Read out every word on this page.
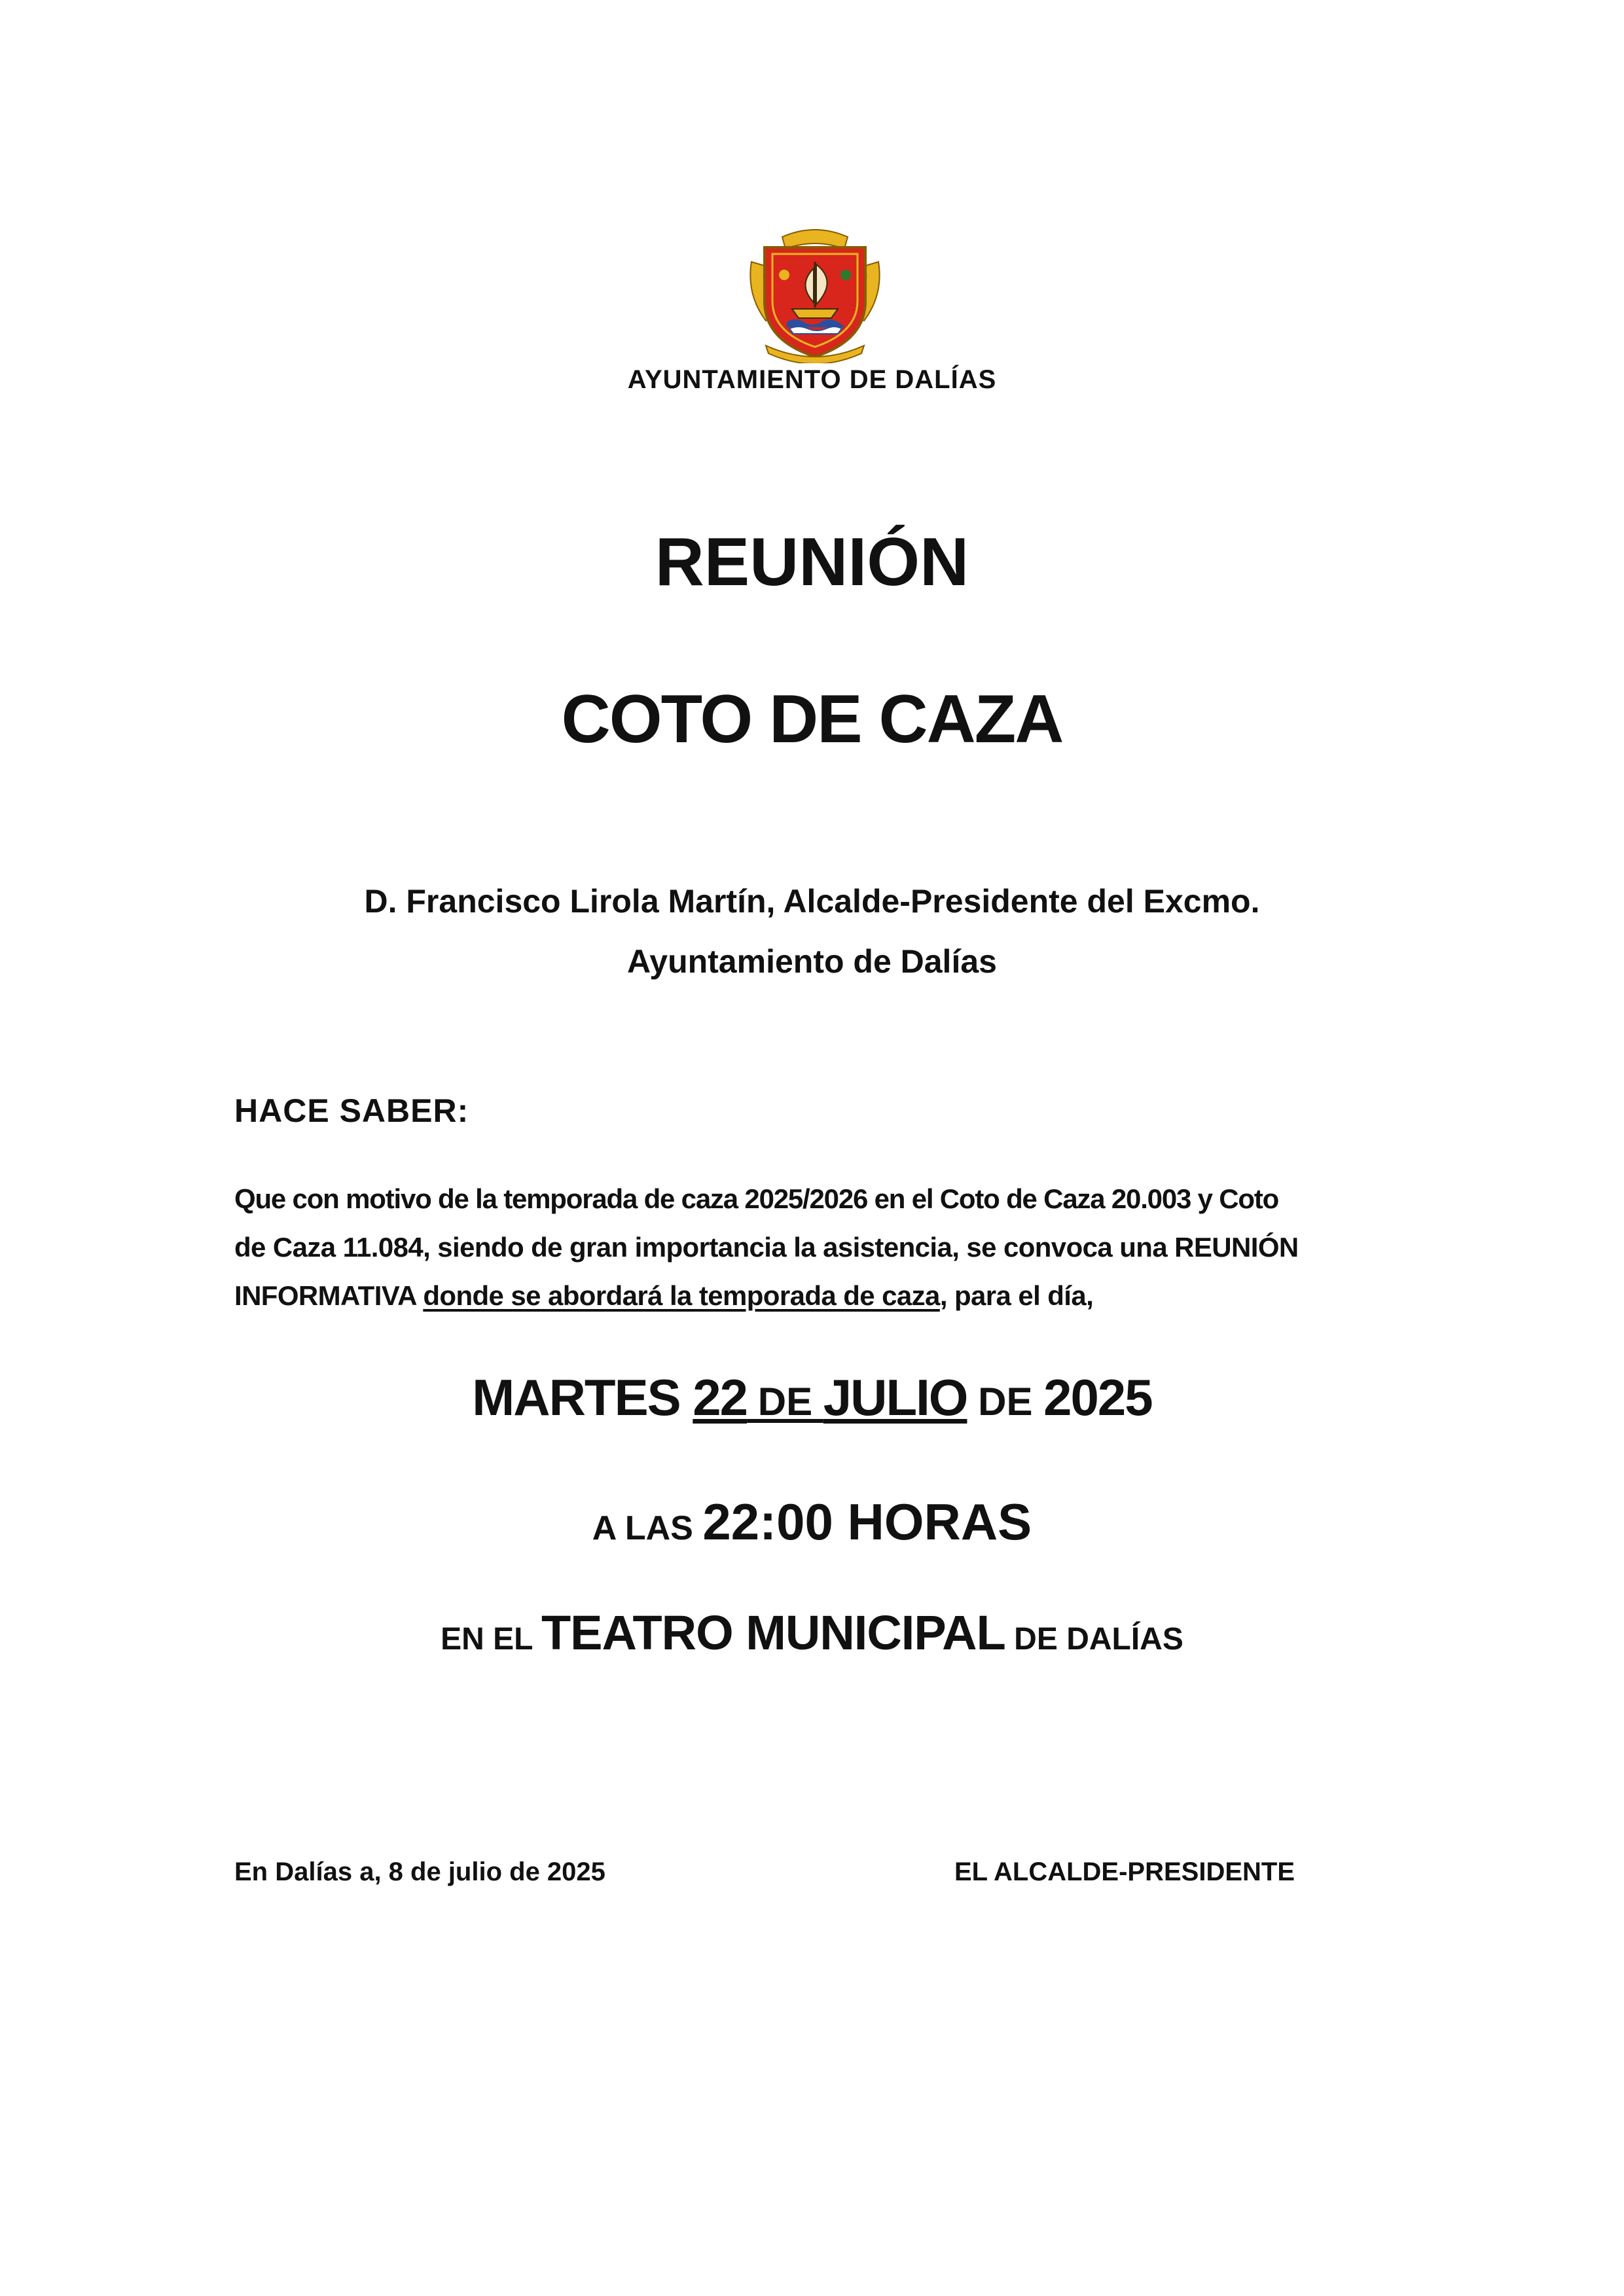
AYUNTAMIENTO DE DALÍAS
REUNIÓN
COTO DE CAZA
D. Francisco Lirola Martín, Alcalde-Presidente del Excmo.
Ayuntamiento de Dalías
HACE SABER:
Que con motivo de la temporada de caza 2025/2026 en el Coto de Caza 20.003 y Coto
de Caza 11.084, siendo de gran importancia la asistencia, se convoca una REUNIÓN
INFORMATIVA donde se abordará la temporada de caza, para el día,
MARTES 22 DE JULIO DE 2025
A LAS 22:00 HORAS
EN EL TEATRO MUNICIPAL DE DALÍAS
En Dalías a, 8 de julio de 2025	EL ALCALDE-PRESIDENTE
